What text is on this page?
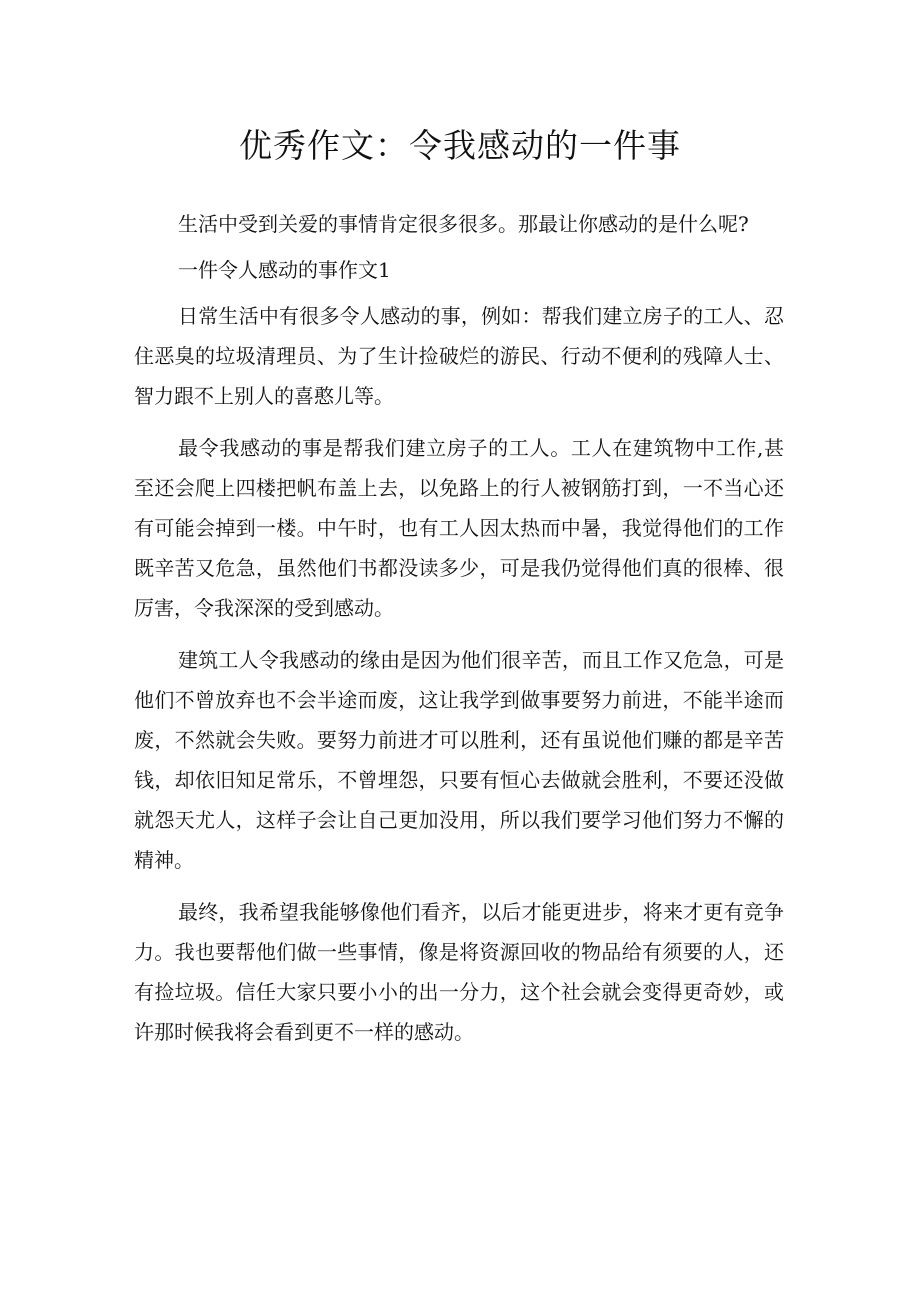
优秀作文：令我感动的一件事

生活中受到关爱的事情肯定很多很多。那最让你感动的是什么呢?

一件令人感动的事作文1

日常生活中有很多令人感动的事，例如：帮我们建立房子的工人、忍住恶臭的垃圾清理员、为了生计捡破烂的游民、行动不便利的残障人士、智力跟不上别人的喜憨儿等。

最令我感动的事是帮我们建立房子的工人。工人在建筑物中工作,甚至还会爬上四楼把帆布盖上去，以免路上的行人被钢筋打到，一不当心还有可能会掉到一楼。中午时，也有工人因太热而中暑，我觉得他们的工作既辛苦又危急，虽然他们书都没读多少，可是我仍觉得他们真的很棒、很厉害，令我深深的受到感动。

建筑工人令我感动的缘由是因为他们很辛苦，而且工作又危急，可是他们不曾放弃也不会半途而废，这让我学到做事要努力前进，不能半途而废，不然就会失败。要努力前进才可以胜利，还有虽说他们赚的都是辛苦钱，却依旧知足常乐，不曾埋怨，只要有恒心去做就会胜利，不要还没做就怨天尤人，这样子会让自己更加没用，所以我们要学习他们努力不懈的精神。

最终，我希望我能够像他们看齐，以后才能更进步，将来才更有竞争力。我也要帮他们做一些事情，像是将资源回收的物品给有须要的人，还有捡垃圾。信任大家只要小小的出一分力，这个社会就会变得更奇妙，或许那时候我将会看到更不一样的感动。
